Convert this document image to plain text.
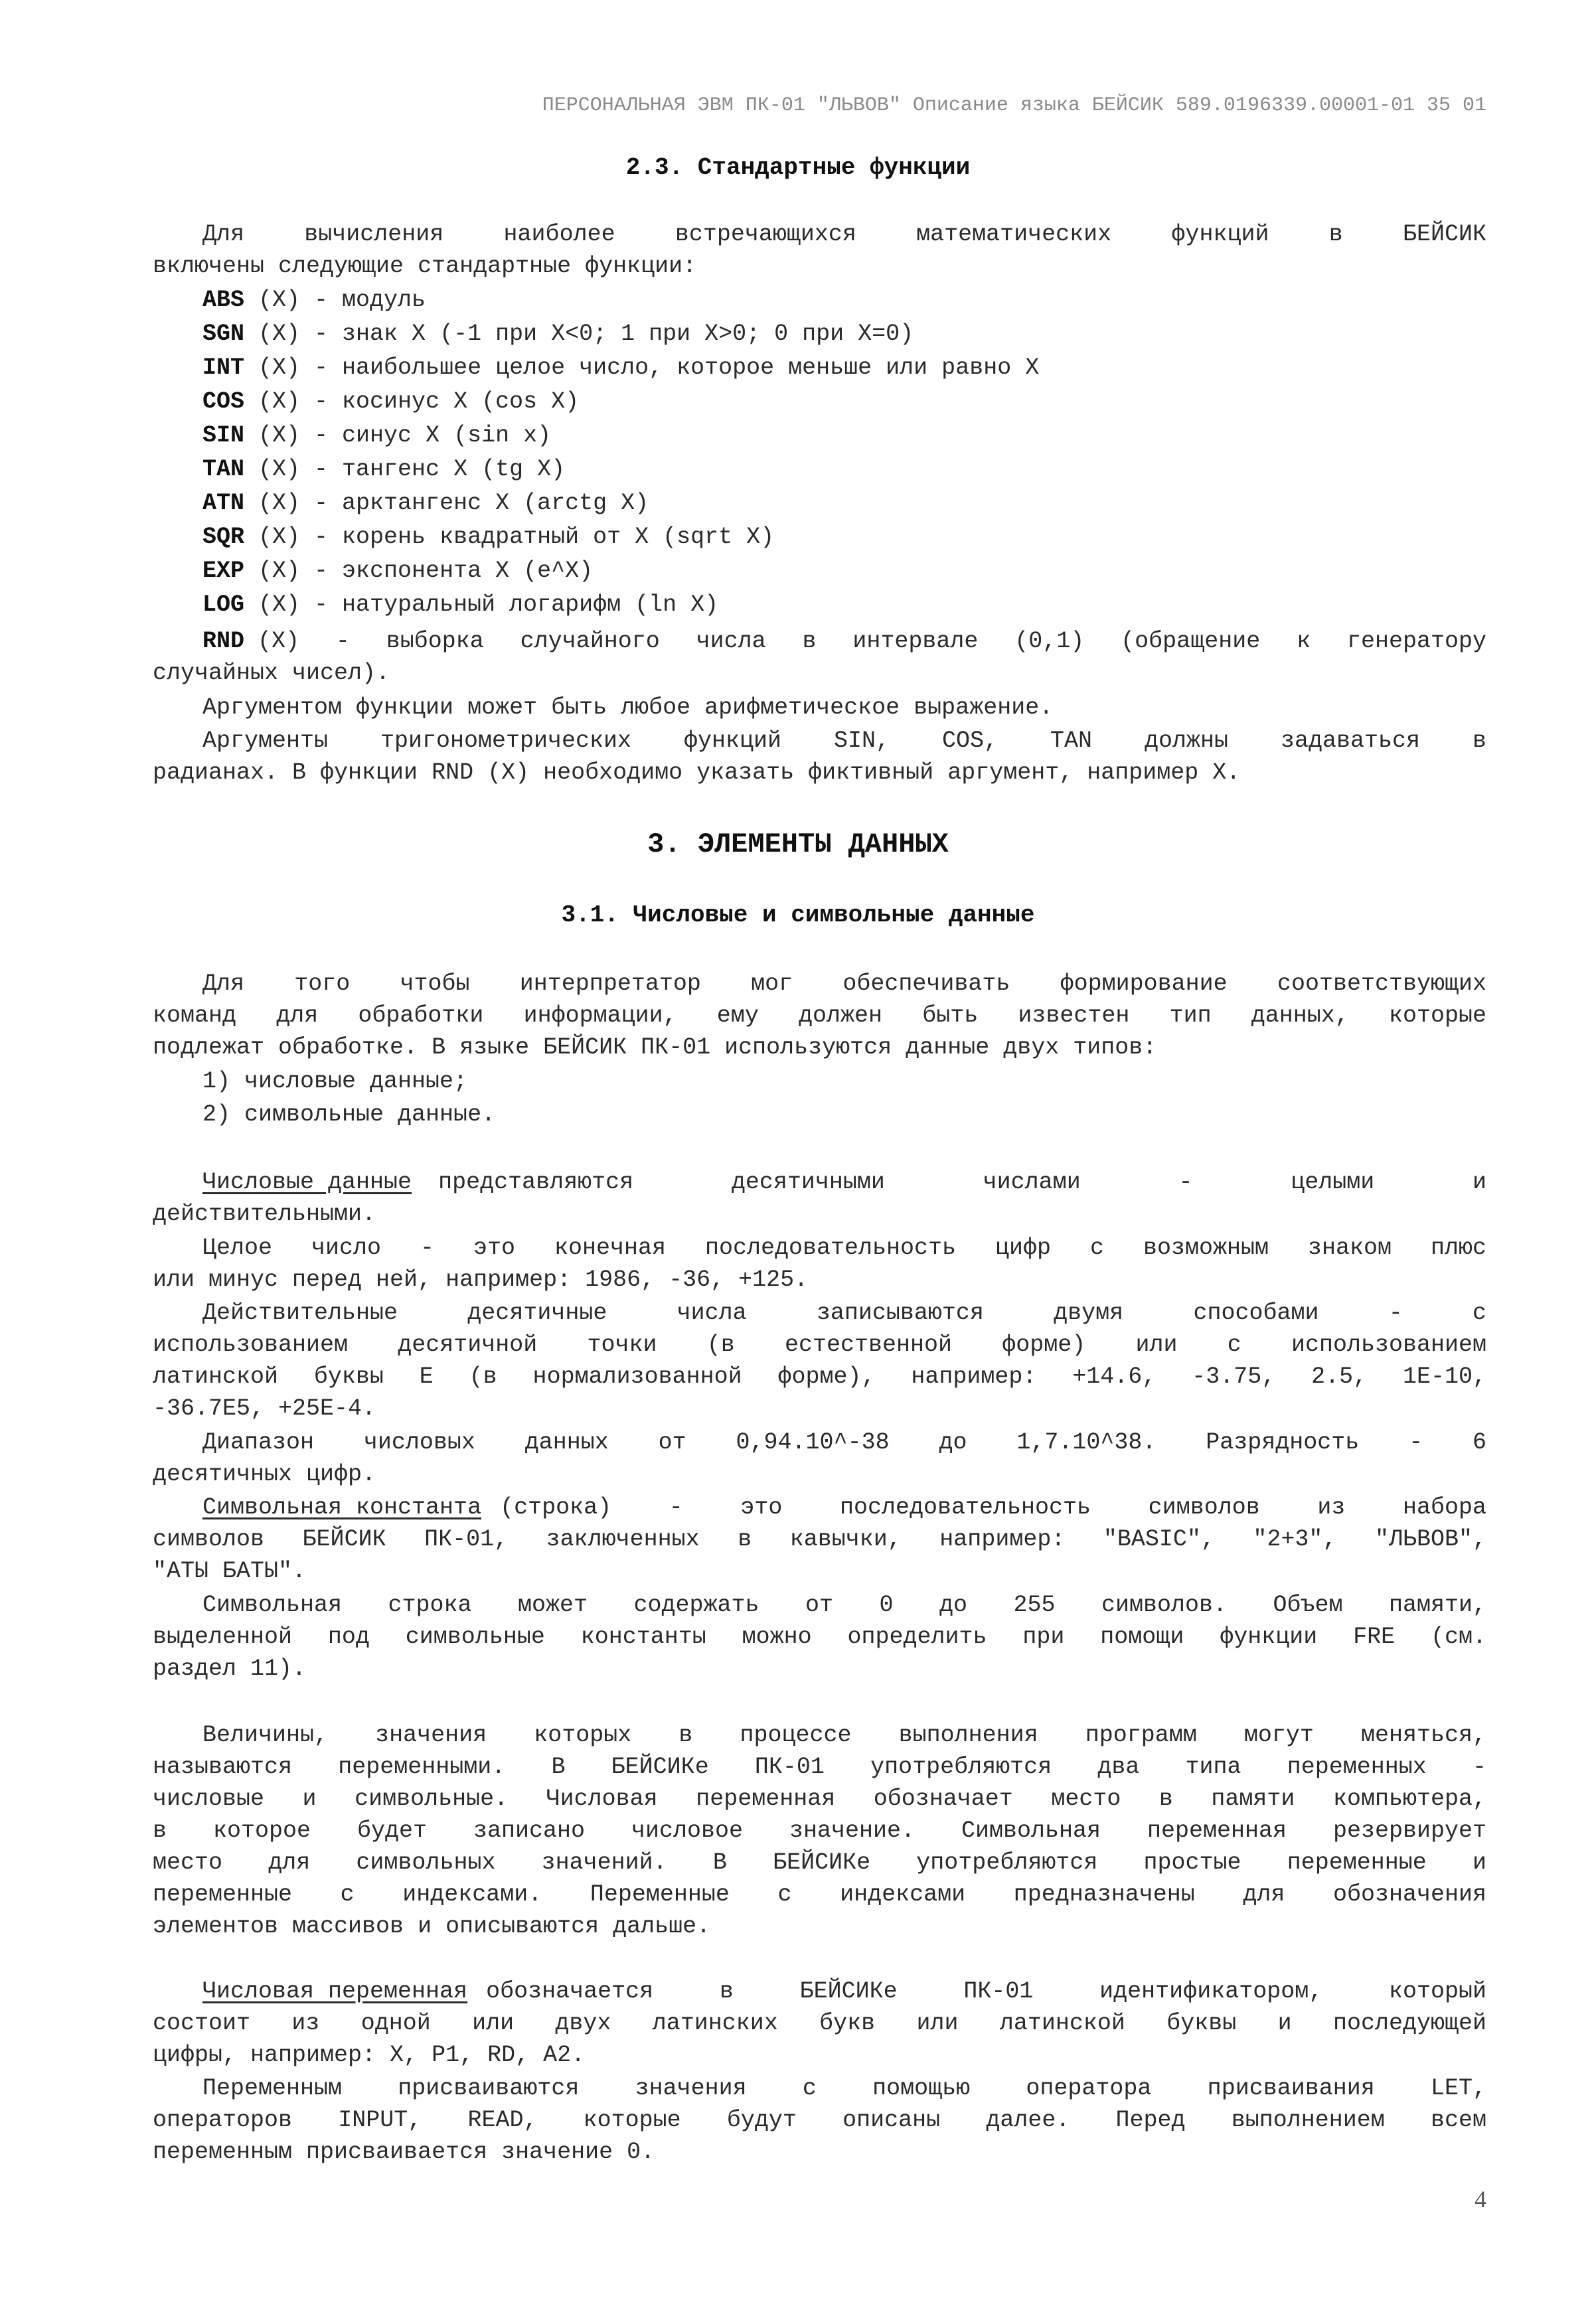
ПЕРСОНАЛЬНАЯ ЭВМ ПК-01 "ЛЬВОВ" Описание языка БЕЙСИК 589.0196339.00001-01 35 01
2.3. Стандартные функции
Для вычисления наиболее встречающихся математических функций в БЕЙСИК
включены следующие стандартные функции:
ABS (X) - модуль
SGN (X) - знак X (-1 при X<0; 1 при X>0; 0 при X=0)
INT (X) - наибольшее целое число, которое меньше или равно X
COS (X) - косинус X (cos X)
SIN (X) - синус X (sin x)
TAN (X) - тангенс X (tg X)
ATN (X) - арктангенс X (arctg X)
SQR (X) - корень квадратный от X (sqrt X)
EXP (X) - экспонента X (e^X)
LOG (X) - натуральный логарифм (ln X)
RND (X) - выборка случайного числа в интервале (0,1) (обращение к генератору
случайных чисел).
Аргументом функции может быть любое арифметическое выражение.
Аргументы тригонометрических функций SIN, COS, TAN должны задаваться в
радианах. В функции RND (X) необходимо указать фиктивный аргумент, например X.
3. ЭЛЕМЕНТЫ ДАННЫХ
3.1. Числовые и символьные данные
Для того чтобы интерпретатор мог обеспечивать формирование соответствующих
команд для обработки информации, ему должен быть известен тип данных, которые
подлежат обработке. В языке БЕЙСИК ПК-01 используются данные двух типов:
1) числовые данные;
2) символьные данные.
Числовые данные представляются десятичными числами - целыми и
действительными.
Целое число - это конечная последовательность цифр с возможным знаком плюс
или минус перед ней, например: 1986, -36, +125.
Действительные десятичные числа записываются двумя способами - с
использованием десятичной точки (в естественной форме) или с использованием
латинской буквы E (в нормализованной форме), например: +14.6, -3.75, 2.5, 1E-10,
-36.7E5, +25E-4.
Диапазон числовых данных от 0,94.10^-38 до 1,7.10^38. Разрядность - 6
десятичных цифр.
Символьная константа (строка) - это последовательность символов из набора
символов БЕЙСИК ПК-01, заключенных в кавычки, например: "BASIC", "2+3", "ЛЬВОВ",
"АТЫ БАТЫ".
Символьная строка может содержать от 0 до 255 символов. Объем памяти,
выделенной под символьные константы можно определить при помощи функции FRE (см.
раздел 11).
Величины, значения которых в процессе выполнения программ могут меняться,
называются переменными. В БЕЙСИКе ПК-01 употребляются два типа переменных -
числовые и символьные. Числовая переменная обозначает место в памяти компьютера,
в которое будет записано числовое значение. Символьная переменная резервирует
место для символьных значений. В БЕЙСИКе употребляются простые переменные и
переменные с индексами. Переменные с индексами предназначены для обозначения
элементов массивов и описываются дальше.
Числовая переменная обозначается в БЕЙСИКе ПК-01 идентификатором, который
состоит из одной или двух латинских букв или латинской буквы и последующей
цифры, например: X, P1, RD, A2.
Переменным присваиваются значения с помощью оператора присваивания LET,
операторов INPUT, READ, которые будут описаны далее. Перед выполнением всем
переменным присваивается значение 0.
4
